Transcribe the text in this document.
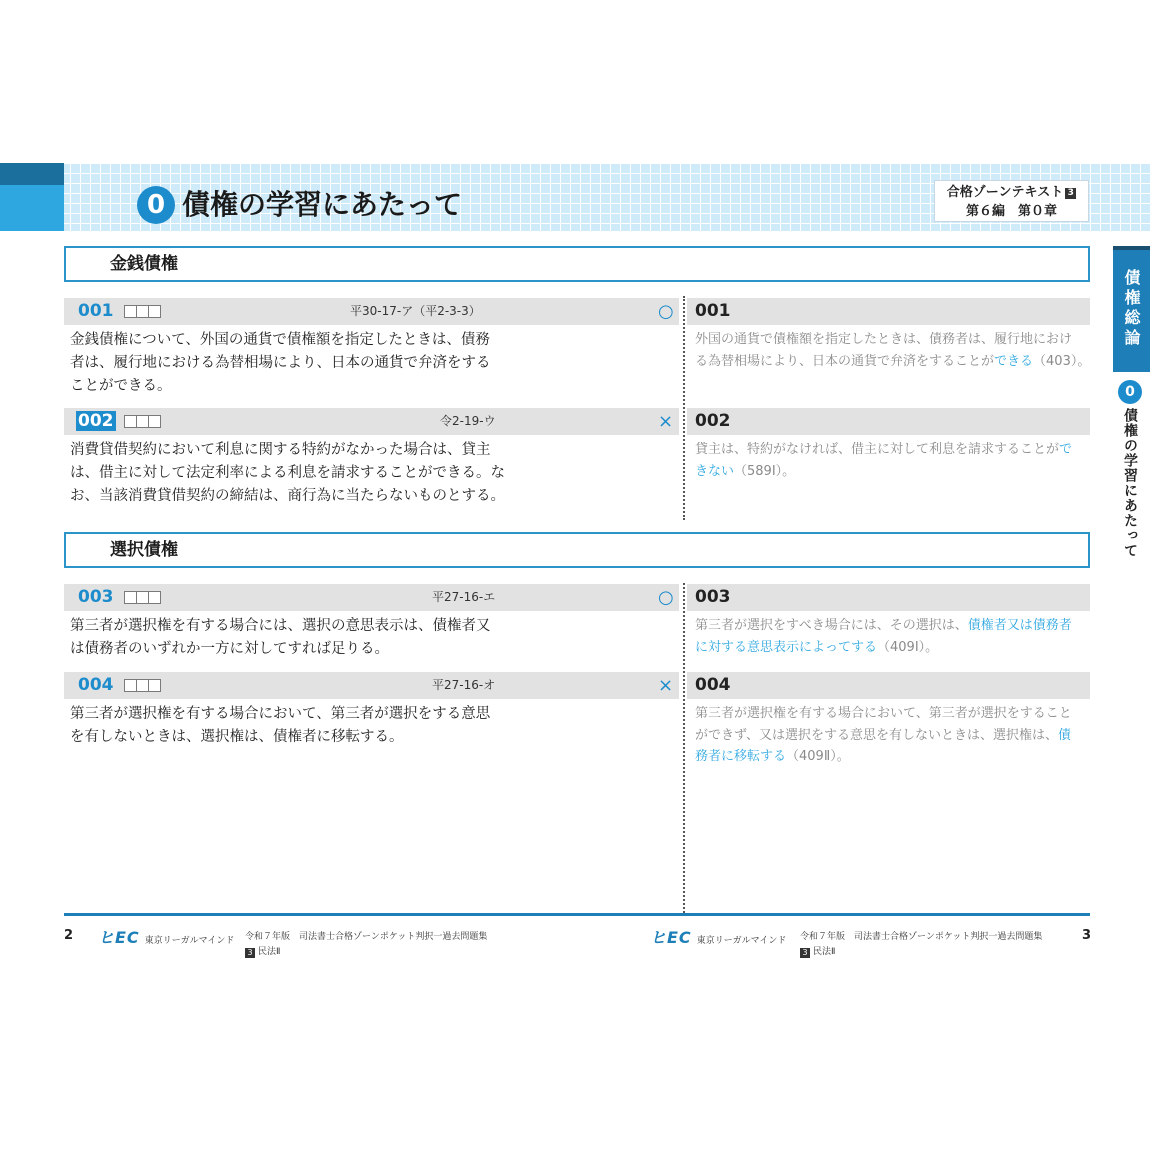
0 債権の学習にあたって	合格ゾーンテキスト 3
第６編　第０章
債権総論
0
債権の学習にあたって
金銭債権
001	平30-17-ア（平2-3-3）	○ 001
金銭債権について、外国の通貨で債権額を指定したときは、債務
者は、履行地における為替相場により、日本の通貨で弁済をする
ことができる。
外国の通貨で債権額を指定したときは、債務者は、履行地におけ
る為替相場により、日本の通貨で弁済をすることができる（403）。
002	令2-19-ウ	× 002
消費貸借契約において利息に関する特約がなかった場合は、貸主
は、借主に対して法定利率による利息を請求することができる。な
お、当該消費貸借契約の締結は、商行為に当たらないものとする。
貸主は、特約がなければ、借主に対して利息を請求することがで
きない（589Ⅰ）。
選択債権
003	平27-16-エ	○ 003
第三者が選択権を有する場合には、選択の意思表示は、債権者又
は債務者のいずれか一方に対してすれば足りる。
第三者が選択をすべき場合には、その選択は、債権者又は債務者
に対する意思表示によってする（409Ⅰ）。
004	平27-16-オ	× 004
第三者が選択権を有する場合において、第三者が選択をする意思
を有しないときは、選択権は、債権者に移転する。
第三者が選択権を有する場合において、第三者が選択をすること
ができず、又は選択をする意思を有しないときは、選択権は、債
務者に移転する（409Ⅱ）。
2 ヒEC 東京リーガルマインド 令和７年版　司法書士合格ゾーンポケット判択一過去問題集
3 民法Ⅱ
ヒEC 東京リーガルマインド 令和７年版　司法書士合格ゾーンポケット判択一過去問題集
3 民法Ⅱ
3
